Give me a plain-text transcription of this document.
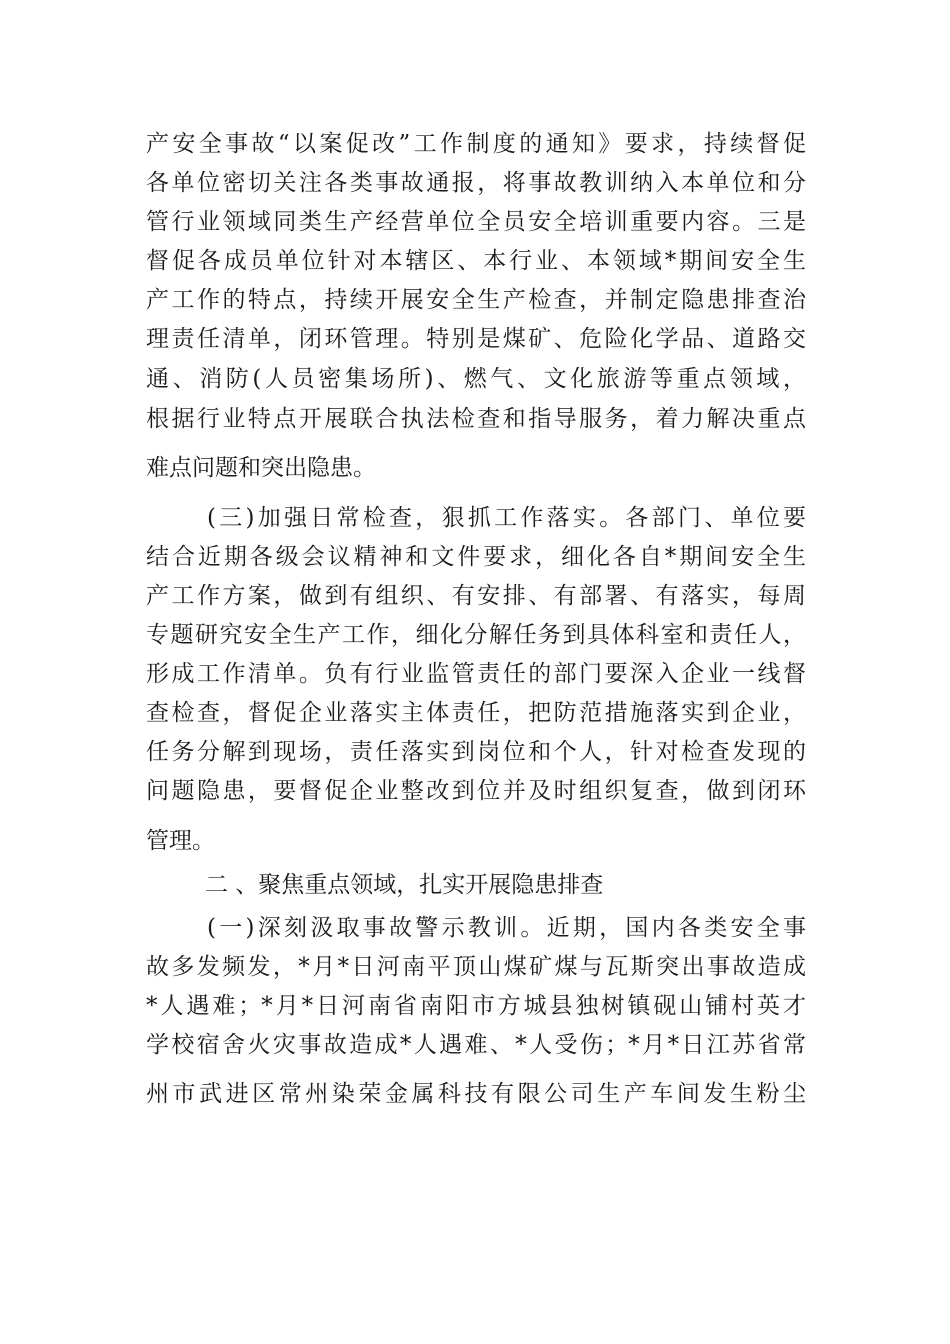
产安全事故“以案促改”工作制度的通知》要求，持续督促
各单位密切关注各类事故通报，将事故教训纳入本单位和分
管行业领域同类生产经营单位全员安全培训重要内容。三是
督促各成员单位针对本辖区、本行业、本领域*期间安全生
产工作的特点，持续开展安全生产检查，并制定隐患排查治
理责任清单，闭环管理。特别是煤矿、危险化学品、道路交
通、消防(人员密集场所)、燃气、文化旅游等重点领域，
根据行业特点开展联合执法检查和指导服务，着力解决重点
难点问题和突出隐患。
(三)加强日常检查，狠抓工作落实。各部门、单位要
结合近期各级会议精神和文件要求，细化各自*期间安全生
产工作方案，做到有组织、有安排、有部署、有落实，每周
专题研究安全生产工作，细化分解任务到具体科室和责任人，
形成工作清单。负有行业监管责任的部门要深入企业一线督
查检查，督促企业落实主体责任，把防范措施落实到企业，
任务分解到现场，责任落实到岗位和个人，针对检查发现的
问题隐患，要督促企业整改到位并及时组织复查，做到闭环
管理。
二 、聚焦重点领域，扎实开展隐患排查
(一)深刻汲取事故警示教训。近期，国内各类安全事
故多发频发，*月*日河南平顶山煤矿煤与瓦斯突出事故造成
*人遇难；*月*日河南省南阳市方城县独树镇砚山铺村英才
学校宿舍火灾事故造成*人遇难、*人受伤；*月*日江苏省常
州市武进区常州染荣金属科技有限公司生产车间发生粉尘
